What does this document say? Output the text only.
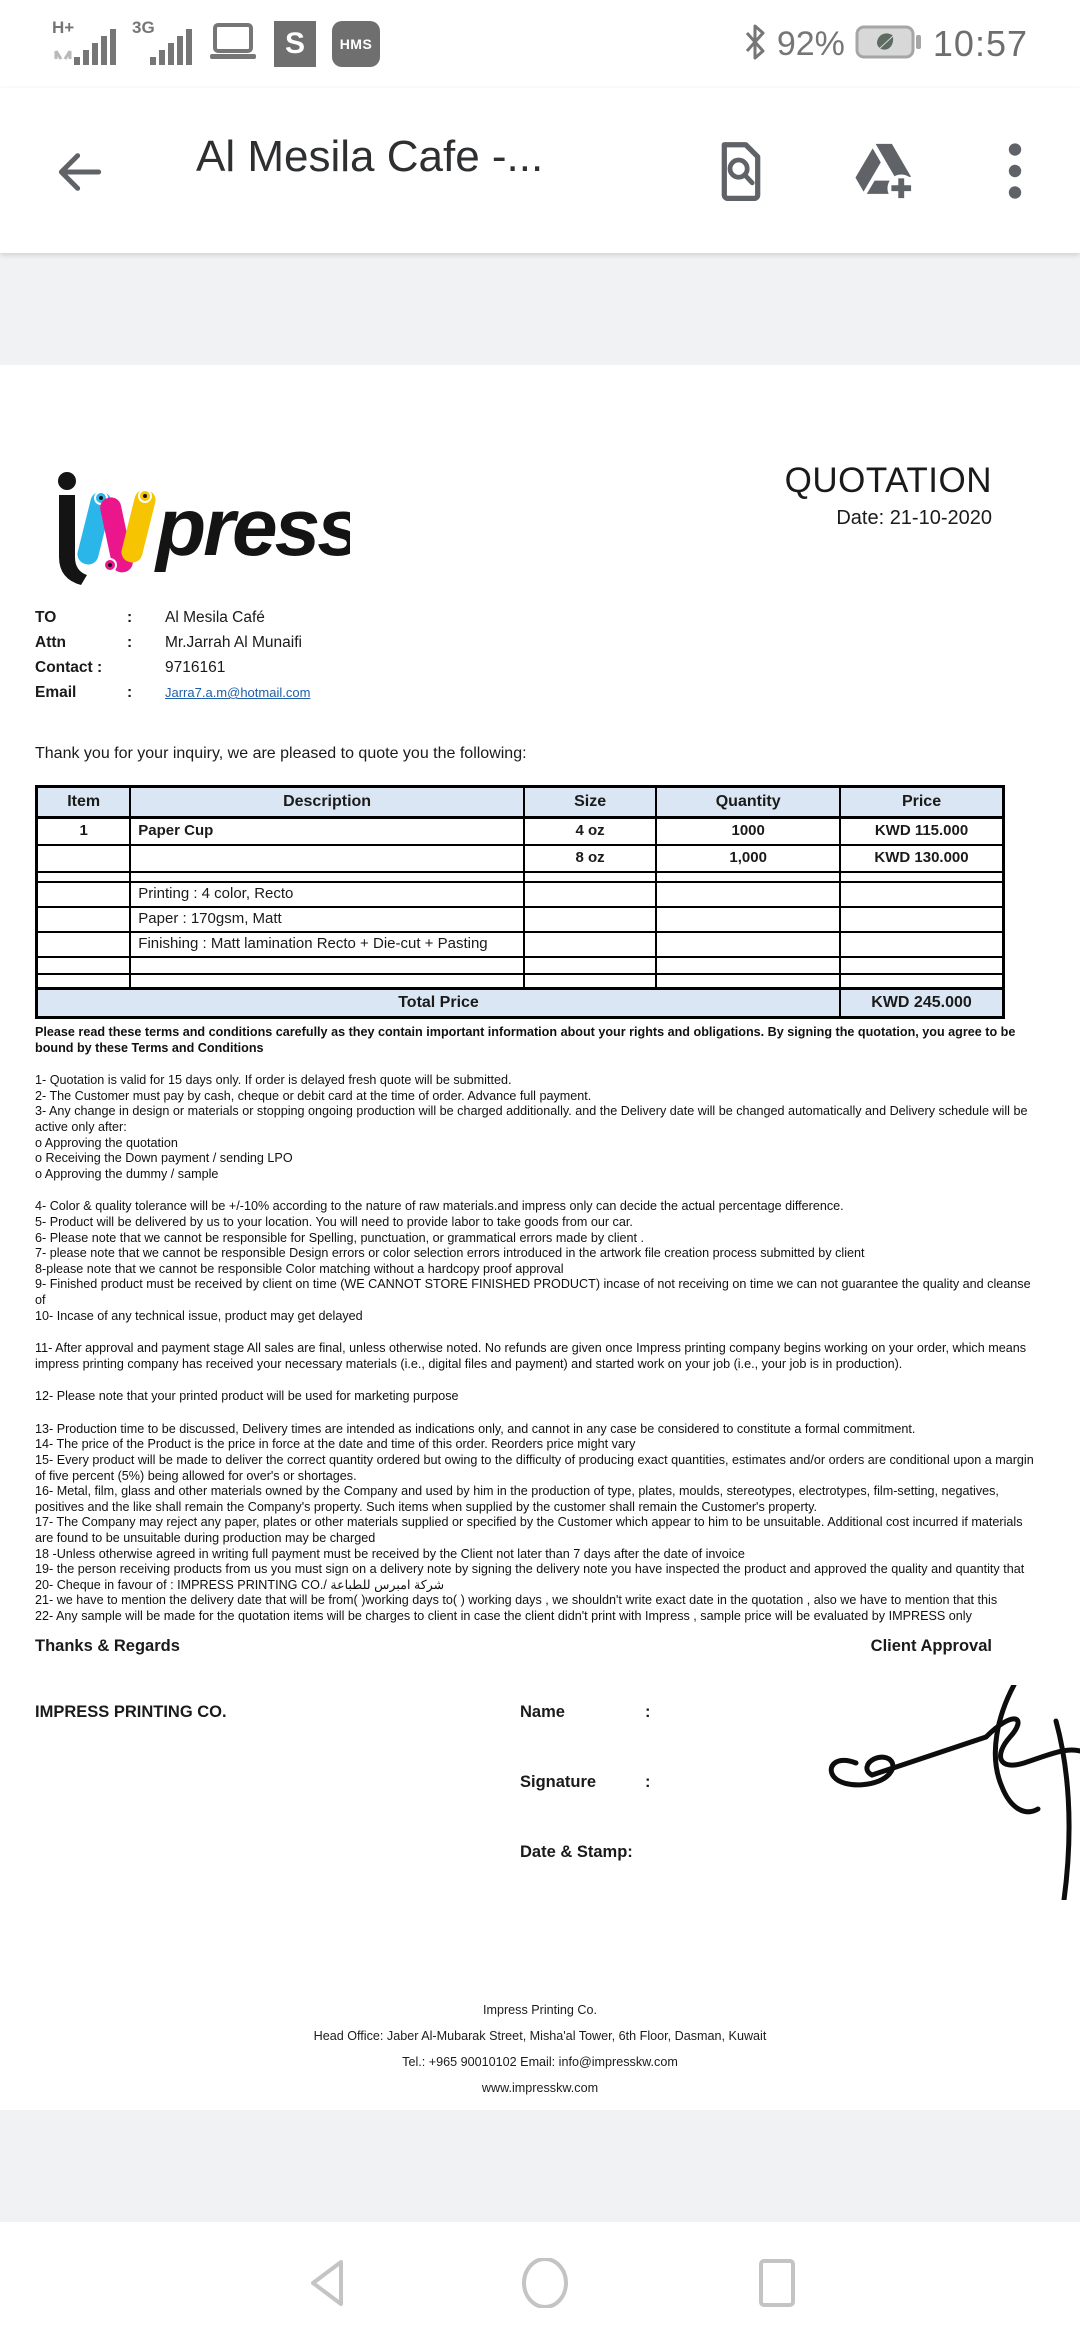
H+	3G	S	HMS	92% 10:57
Al Mesila Cafe -...
press
QUOTATION
Date: 21-10-2020
TO	:	Al Mesila Café
Attn	:	Mr.Jarrah Al Munaifi
Contact :	9716161
Email	:	Jarra7.a.m@hotmail.com
Thank you for your inquiry, we are pleased to quote you the following:
Item	Description	Size	Quantity	Price
1	Paper Cup	4 oz	1000	KWD 115.000
		8 oz	1,000	KWD 130.000

	Printing : 4 color, Recto			
	Paper : 170gsm, Matt			
	Finishing : Matt lamination Recto + Die-cut + Pasting			

Total Price				KWD 245.000

Please read these terms and conditions carefully as they contain important information about your rights and obligations. By signing the quotation, you agree to be bound by these Terms and Conditions

1- Quotation is valid for 15 days only. If order is delayed fresh quote will be submitted.

2- The Customer must pay by cash, cheque or debit card at the time of order. Advance full payment.

3- Any change in design or materials or stopping ongoing production will be charged additionally. and the Delivery date will be changed automatically and Delivery schedule will be active only after:

o Approving the quotation

o Receiving the Down payment / sending LPO

o Approving the dummy / sample

4- Color & quality tolerance will be +/-10% according to the nature of raw materials.and impress only can decide the actual percentage difference.

5- Product will be delivered by us to your location. You will need to provide labor to take goods from our car.

6- Please note that we cannot be responsible for Spelling, punctuation, or grammatical errors made by client .

7- please note that we cannot be responsible Design errors or color selection errors introduced in the artwork file creation process submitted by client

8-please note that we cannot be responsible Color matching without a hardcopy proof approval

9- Finished product must be received by client on time (WE CANNOT STORE FINISHED PRODUCT) incase of not receiving on time we can not guarantee the quality and cleanse of

10- Incase of any technical issue, product may get delayed

11- After approval and payment stage All sales are final, unless otherwise noted. No refunds are given once Impress printing company begins working on your order, which means impress printing company has received your necessary materials (i.e., digital files and payment) and started work on your job (i.e., your job is in production).

12- Please note that your printed product will be used for marketing purpose

13- Production time to be discussed, Delivery times are intended as indications only, and cannot in any case be considered to constitute a formal commitment.

14- The price of the Product is the price in force at the date and time of this order. Reorders price might vary

15- Every product will be made to deliver the correct quantity ordered but owing to the difficulty of producing exact quantities, estimates and/or orders are conditional upon a margin of five percent (5%) being allowed for over's or shortages.

16- Metal, film, glass and other materials owned by the Company and used by him in the production of type, plates, moulds, stereotypes, electrotypes, film-setting, negatives, positives and the like shall remain the Company's property. Such items when supplied by the customer shall remain the Customer's property.

17- The Company may reject any paper, plates or other materials supplied or specified by the Customer which appear to him to be unsuitable. Additional cost incurred if materials are found to be unsuitable during production may be charged

18 -Unless otherwise agreed in writing full payment must be received by the Client not later than 7 days after the date of invoice

19- the person receiving products from us you must sign on a delivery note by signing the delivery note you have inspected the product and approved the quality and quantity that

20- Cheque in favour of : IMPRESS PRINTING CO./ شركة امبرس للطباعة

21- we have to mention the delivery date that will be from( )working days to( ) working days , we shouldn't write exact date in the quotation , also we have to mention that this

22- Any sample will be made for the quotation items will be charges to client in case the client didn't print with Impress , sample price will be evaluated by IMPRESS only

Thanks & Regards	Client Approval
IMPRESS PRINTING CO.	Name	:
Signature	:
Date & Stamp:
Impress Printing Co.
Head Office: Jaber Al-Mubarak Street, Misha'al Tower, 6th Floor, Dasman, Kuwait
Tel.: +965 90010102 Email: info@impresskw.com
www.impresskw.com
